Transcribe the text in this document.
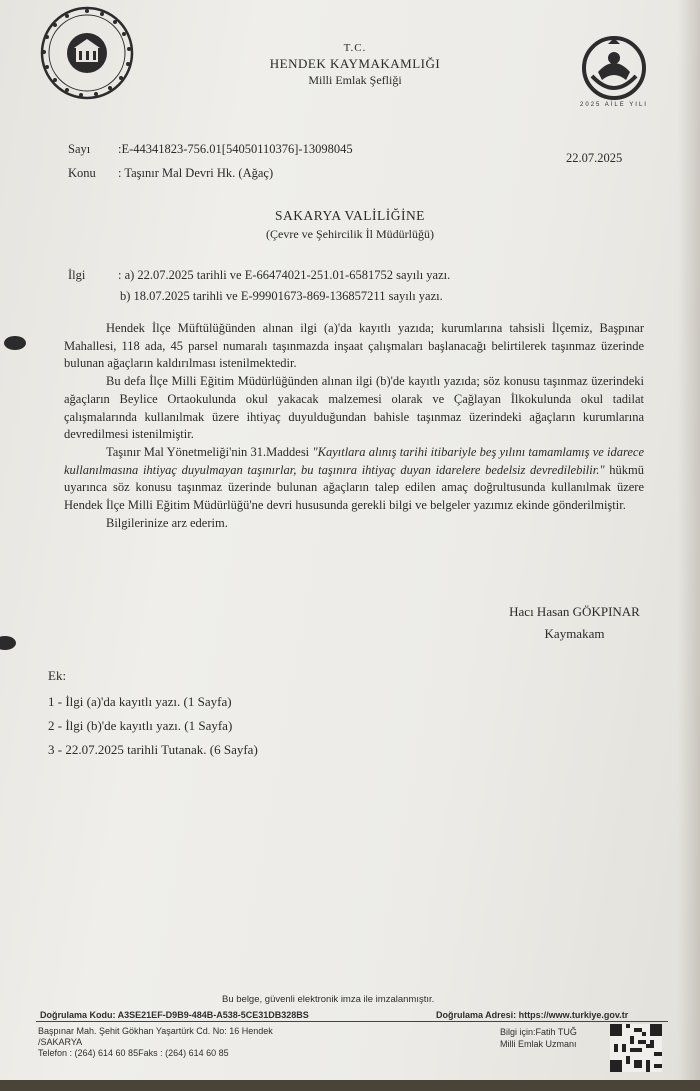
2025 AİLE YILI
T.C.
HENDEK KAYMAKAMLIĞI
Milli Emlak Şefliği
Sayı :E-44341823-756.01[54050110376]-13098045
22.07.2025
Konu : Taşınır Mal Devri Hk. (Ağaç)
SAKARYA VALİLİĞİNE
(Çevre ve Şehircilik İl Müdürlüğü)
İlgi	: a) 22.07.2025 tarihli ve E-66474021-251.01-6581752 sayılı yazı.
b) 18.07.2025 tarihli ve E-99901673-869-136857211 sayılı yazı.

Hendek İlçe Müftülüğünden alınan ilgi (a)'da kayıtlı yazıda; kurumlarına tahsisli İlçemiz, Başpınar Mahallesi, 118 ada, 45 parsel numaralı taşınmazda inşaat çalışmaları başlanacağı belirtilerek taşınmaz üzerinde bulunan ağaçların kaldırılması istenilmektedir.

Bu defa İlçe Milli Eğitim Müdürlüğünden alınan ilgi (b)'de kayıtlı yazıda; söz konusu taşınmaz üzerindeki ağaçların Beylice Ortaokulunda okul yakacak malzemesi olarak ve Çağlayan İlkokulunda okul tadilat çalışmalarında kullanılmak üzere ihtiyaç duyulduğundan bahisle taşınmaz üzerindeki ağaçların kurumlarına devredilmesi istenilmiştir.

Taşınır Mal Yönetmeliği'nin 31.Maddesi "Kayıtlara alınış tarihi itibariyle beş yılını tamamlamış ve idarece kullanılmasına ihtiyaç duyulmayan taşınırlar, bu taşınıra ihtiyaç duyan idarelere bedelsiz devredilebilir." hükmü uyarınca söz konusu taşınmaz üzerinde bulunan ağaçların talep edilen amaç doğrultusunda kullanılmak üzere Hendek İlçe Milli Eğitim Müdürlüğü'ne devri hususunda gerekli bilgi ve belgeler yazımız ekinde gönderilmiştir.

Bilgilerinize arz ederim.

Hacı Hasan GÖKPINAR
Kaymakam
Ek:
1 - İlgi (a)'da kayıtlı yazı. (1 Sayfa)
2 - İlgi (b)'de kayıtlı yazı. (1 Sayfa)
3 - 22.07.2025 tarihli Tutanak. (6 Sayfa)
Bu belge, güvenli elektronik imza ile imzalanmıştır.
Doğrulama Kodu: A3SE21EF-D9B9-484B-A538-5CE31DB328BS	Doğrulama Adresi: https://www.turkiye.gov.tr
Başpınar Mah. Şehit Gökhan Yaşartürk Cd. No: 16 Hendek
/SAKARYA
Telefon : (264) 614 60 85Faks : (264) 614 60 85
Bilgi için:Fatih TUĞ
Milli Emlak Uzmanı
